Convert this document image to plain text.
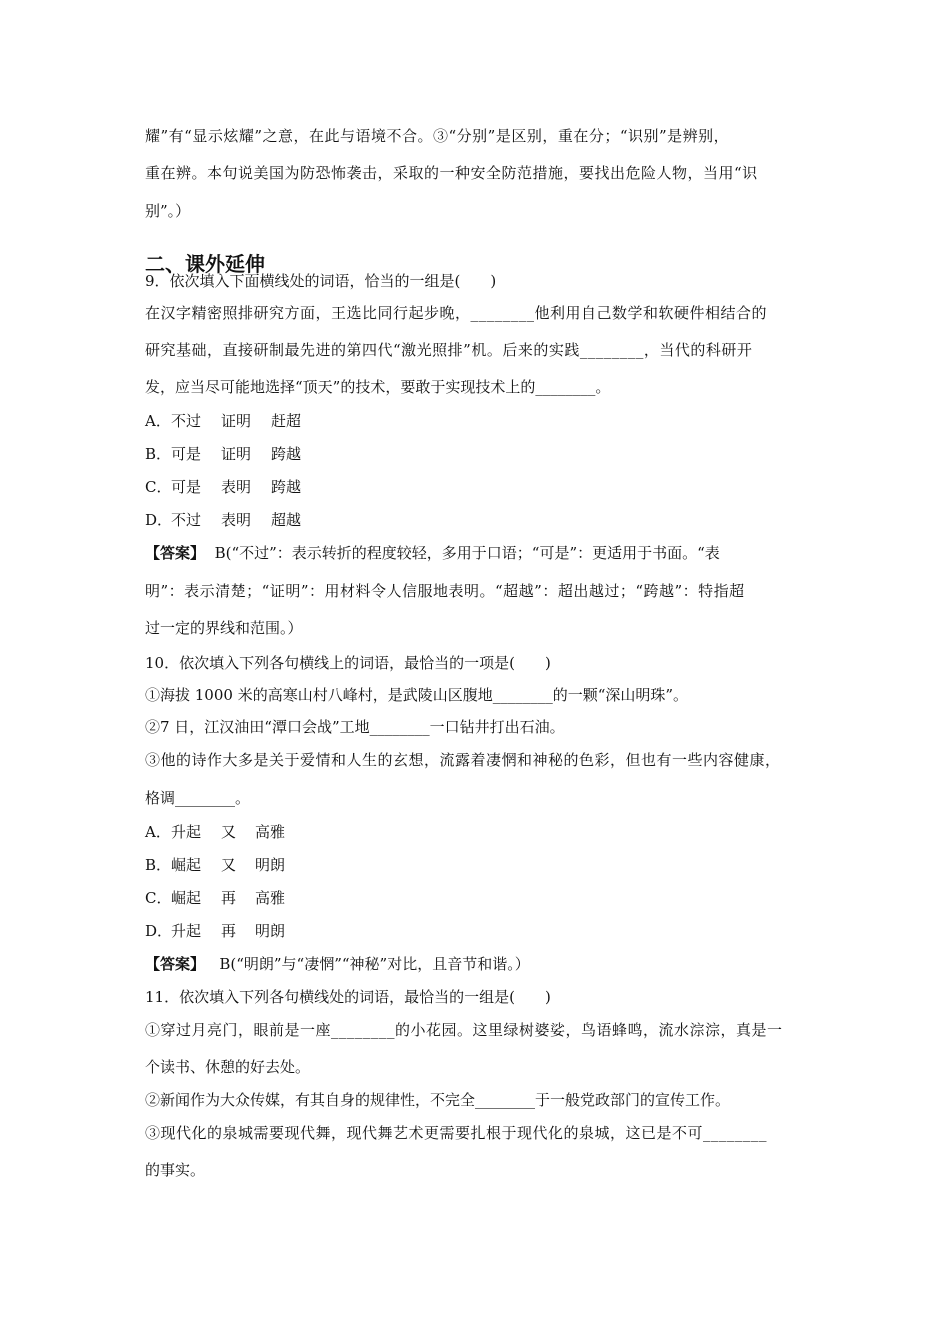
耀”有“显示炫耀”之意，在此与语境不合。③“分别”是区别，重在分；“识别”是辨别，

重在辨。本句说美国为防恐怖袭击，采取的一种安全防范措施，要找出危险人物，当用“识

别”。）

二、课外延伸

9．依次填入下面横线处的词语，恰当的一组是(　　)

在汉字精密照排研究方面，王选比同行起步晚，________他利用自己数学和软硬件相结合的

研究基础，直接研制最先进的第四代“激光照排”机。后来的实践________，当代的科研开

发，应当尽可能地选择“顶天”的技术，要敢于实现技术上的________。

A．不过 证明 赶超

B．可是 证明 跨越

C．可是 表明 跨越

D．不过 表明 超越

【答案】 B(“不过”：表示转折的程度较轻，多用于口语；“可是”：更适用于书面。“表

明”：表示清楚；“证明”：用材料令人信服地表明。“超越”：超出越过；“跨越”：特指超

过一定的界线和范围。）

10．依次填入下列各句横线上的词语，最恰当的一项是(　　)

①海拔 1000 米的高寒山村八峰村，是武陵山区腹地________的一颗“深山明珠”。

②7 日，江汉油田“潭口会战”工地________一口钻井打出石油。

③他的诗作大多是关于爱情和人生的玄想，流露着凄惘和神秘的色彩，但也有一些内容健康，

格调________。

A．升起 又 高雅

B．崛起 又 明朗

C．崛起 再 高雅

D．升起 再 明朗

【答案】 B(“明朗”与“凄惘”“神秘”对比，且音节和谐。）

11．依次填入下列各句横线处的词语，最恰当的一组是(　　)

①穿过月亮门，眼前是一座________的小花园。这里绿树婆娑，鸟语蜂鸣，流水淙淙，真是一

个读书、休憩的好去处。

②新闻作为大众传媒，有其自身的规律性，不完全________于一般党政部门的宣传工作。

③现代化的泉城需要现代舞，现代舞艺术更需要扎根于现代化的泉城，这已是不可________

的事实。
